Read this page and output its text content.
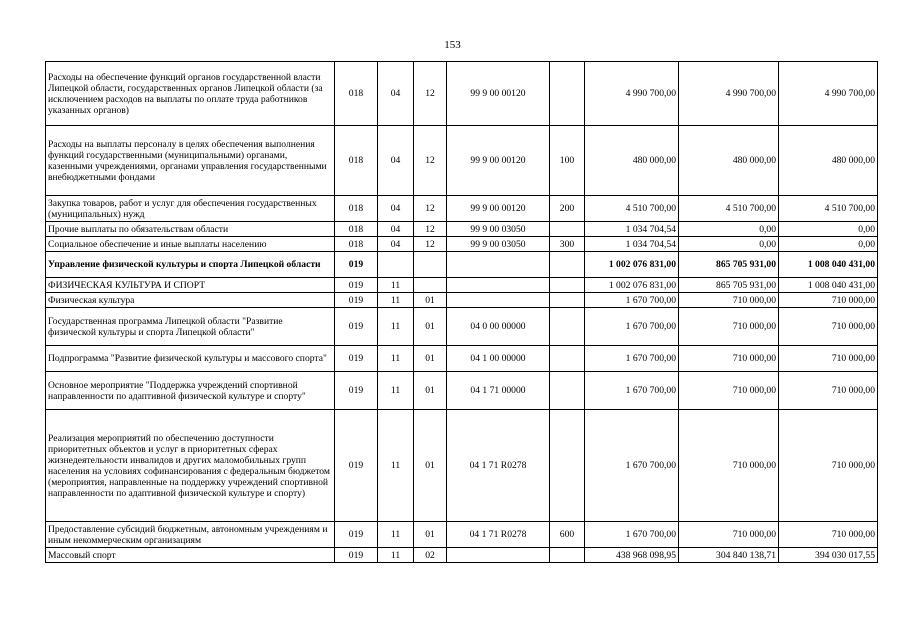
153
Расходы на обеспечение функций органов государственной власти Липецкой области, государственных органов Липецкой области (за исключением расходов на выплаты по оплате труда работников указанных органов)	018	04	12	99 9 00 00120		4 990 700,00	4 990 700,00	4 990 700,00
Расходы на выплаты персоналу в целях обеспечения выполнения функций государственными (муниципальными) органами, казенными учреждениями, органами управления государственными внебюджетными фондами	018	04	12	99 9 00 00120	100	480 000,00	480 000,00	480 000,00
Закупка товаров, работ и услуг для обеспечения государственных (муниципальных) нужд	018	04	12	99 9 00 00120	200	4 510 700,00	4 510 700,00	4 510 700,00
Прочие выплаты по обязательствам области	018	04	12	99 9 00 03050		1 034 704,54	0,00	0,00
Социальное обеспечение и иные выплаты населению	018	04	12	99 9 00 03050	300	1 034 704,54	0,00	0,00
Управление физической культуры и спорта Липецкой области	019					1 002 076 831,00	865 705 931,00	1 008 040 431,00
ФИЗИЧЕСКАЯ КУЛЬТУРА И СПОРТ	019	11				1 002 076 831,00	865 705 931,00	1 008 040 431,00
Физическая культура	019	11	01			1 670 700,00	710 000,00	710 000,00
Государственная программа Липецкой области "Развитие физической культуры и спорта Липецкой области"	019	11	01	04 0 00 00000		1 670 700,00	710 000,00	710 000,00
Подпрограмма "Развитие физической культуры и массового спорта"	019	11	01	04 1 00 00000		1 670 700,00	710 000,00	710 000,00
Основное мероприятие "Поддержка учреждений спортивной направленности по адаптивной физической культуре и спорту"	019	11	01	04 1 71 00000		1 670 700,00	710 000,00	710 000,00
Реализация мероприятий по обеспечению доступности приоритетных объектов и услуг в приоритетных сферах жизнедеятельности инвалидов и других маломобильных групп населения на условиях софинансирования с федеральным бюджетом (мероприятия, направленные на поддержку учреждений спортивной направленности по адаптивной физической культуре и спорту)	019	11	01	04 1 71 R0278		1 670 700,00	710 000,00	710 000,00
Предоставление субсидий бюджетным, автономным учреждениям и иным некоммерческим организациям	019	11	01	04 1 71 R0278	600	1 670 700,00	710 000,00	710 000,00
Массовый спорт	019	11	02			438 968 098,95	304 840 138,71	394 030 017,55
